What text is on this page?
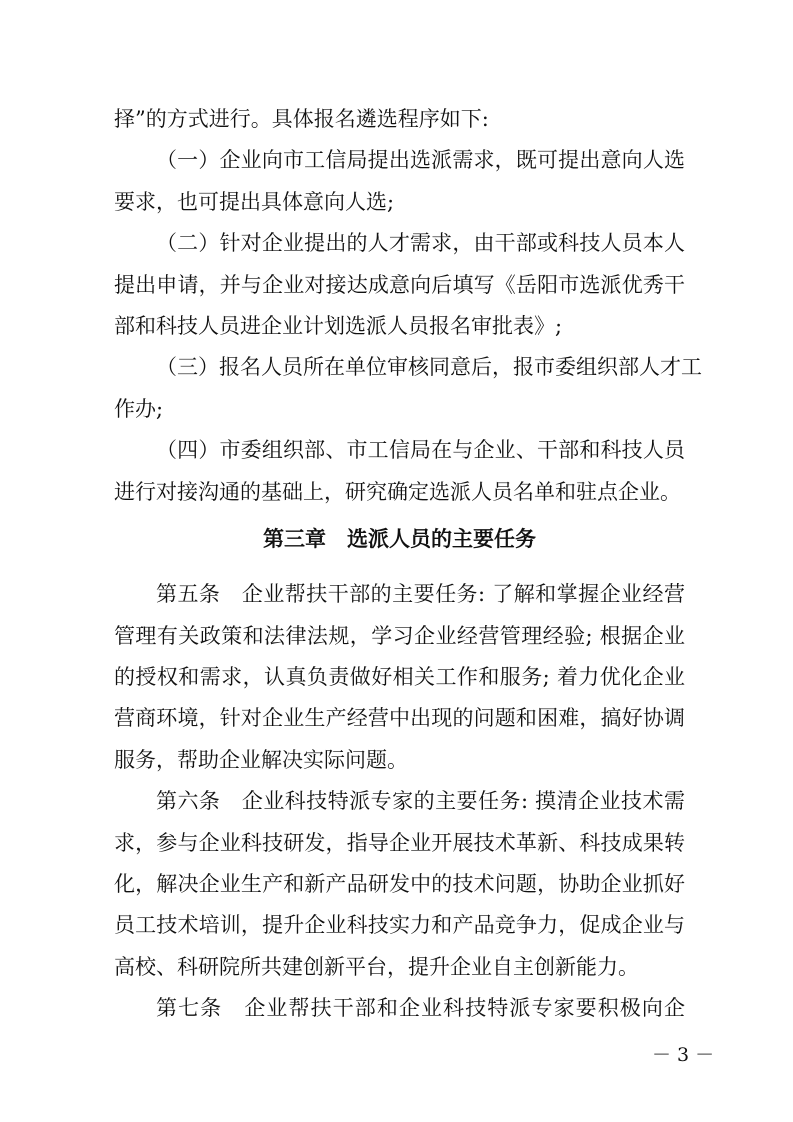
择”的方式进行。具体报名遴选程序如下:
（一）企业向市工信局提出选派需求，既可提出意向人选
要求，也可提出具体意向人选;
（二）针对企业提出的人才需求，由干部或科技人员本人
提出申请，并与企业对接达成意向后填写《岳阳市选派优秀干
部和科技人员进企业计划选派人员报名审批表》;
（三）报名人员所在单位审核同意后，报市委组织部人才工
作办;
（四）市委组织部、市工信局在与企业、干部和科技人员
进行对接沟通的基础上，研究确定选派人员名单和驻点企业。
第三章　选派人员的主要任务
第五条　企业帮扶干部的主要任务: 了解和掌握企业经营
管理有关政策和法律法规，学习企业经营管理经验; 根据企业
的授权和需求，认真负责做好相关工作和服务; 着力优化企业
营商环境，针对企业生产经营中出现的问题和困难，搞好协调
服务，帮助企业解决实际问题。
第六条　企业科技特派专家的主要任务: 摸清企业技术需
求，参与企业科技研发，指导企业开展技术革新、科技成果转
化，解决企业生产和新产品研发中的技术问题，协助企业抓好
员工技术培训，提升企业科技实力和产品竞争力，促成企业与
高校、科研院所共建创新平台，提升企业自主创新能力。
第七条　企业帮扶干部和企业科技特派专家要积极向企
－ 3 －
